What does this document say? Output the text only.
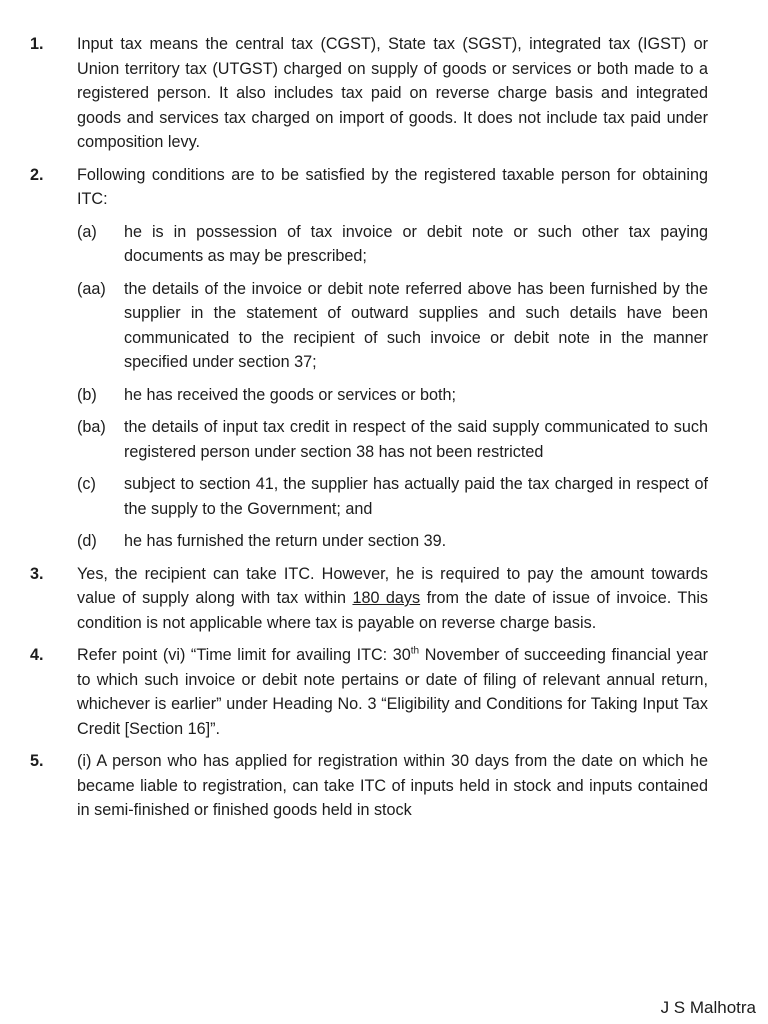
1.	Input tax means the central tax (CGST), State tax (SGST), integrated tax (IGST) or Union territory tax (UTGST) charged on supply of goods or services or both made to a registered person. It also includes tax paid on reverse charge basis and integrated goods and services tax charged on import of goods. It does not include tax paid under composition levy.
2.	Following conditions are to be satisfied by the registered taxable person for obtaining ITC:
(a)	he is in possession of tax invoice or debit note or such other tax paying documents as may be prescribed;
(aa)	the details of the invoice or debit note referred above has been furnished by the supplier in the statement of outward supplies and such details have been communicated to the recipient of such invoice or debit note in the manner specified under section 37;
(b)	he has received the goods or services or both;
(ba)	the details of input tax credit in respect of the said supply communicated to such registered person under section 38 has not been restricted
(c)	subject to section 41, the supplier has actually paid the tax charged in respect of the supply to the Government; and
(d)	he has furnished the return under section 39.
3.	Yes, the recipient can take ITC. However, he is required to pay the amount towards value of supply along with tax within 180 days from the date of issue of invoice. This condition is not applicable where tax is payable on reverse charge basis.
4.	Refer point (vi) “Time limit for availing ITC: 30th November of succeeding financial year to which such invoice or debit note pertains or date of filing of relevant annual return, whichever is earlier” under Heading No. 3 “Eligibility and Conditions for Taking Input Tax Credit [Section 16]”.
5.	(i) A person who has applied for registration within 30 days from the date on which he became liable to registration, can take ITC of inputs held in stock and inputs contained in semi-finished or finished goods held in stock
J S Malhotra
